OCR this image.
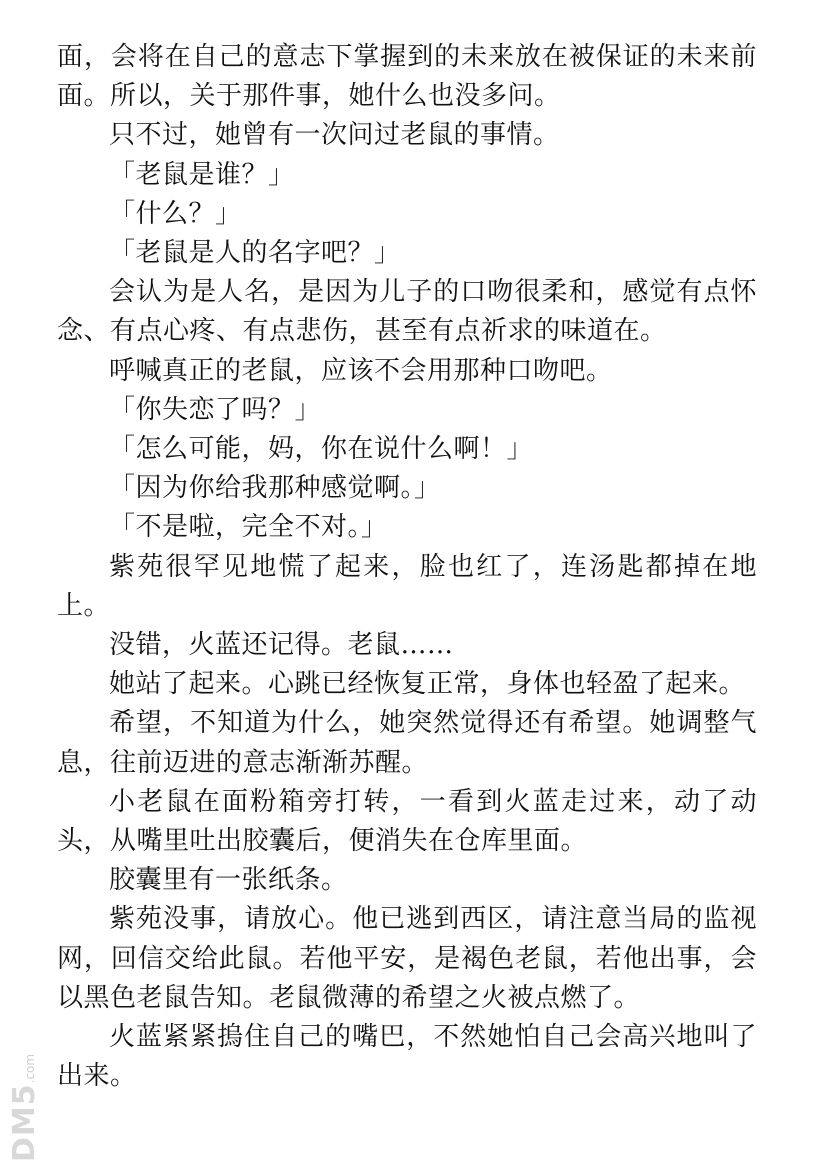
面，会将在自己的意志下掌握到的未来放在被保证的未来前面。所以，关于那件事，她什么也没多问。

只不过，她曾有一次问过老鼠的事情。

「老鼠是谁？」

「什么？」

「老鼠是人的名字吧？」

会认为是人名，是因为儿子的口吻很柔和，感觉有点怀念、有点心疼、有点悲伤，甚至有点祈求的味道在。

呼喊真正的老鼠，应该不会用那种口吻吧。

「你失恋了吗？」

「怎么可能，妈，你在说什么啊！」

「因为你给我那种感觉啊。」

「不是啦，完全不对。」

紫苑很罕见地慌了起来，脸也红了，连汤匙都掉在地上。

没错，火蓝还记得。老鼠……

她站了起来。心跳已经恢复正常，身体也轻盈了起来。

希望，不知道为什么，她突然觉得还有希望。她调整气息，往前迈进的意志渐渐苏醒。

小老鼠在面粉箱旁打转，一看到火蓝走过来，动了动头，从嘴里吐出胶囊后，便消失在仓库里面。

胶囊里有一张纸条。

紫苑没事，请放心。他已逃到西区，请注意当局的监视网，回信交给此鼠。若他平安，是褐色老鼠，若他出事，会以黑色老鼠告知。老鼠微薄的希望之火被点燃了。

火蓝紧紧摀住自己的嘴巴，不然她怕自己会高兴地叫了出来。

DM5.com
